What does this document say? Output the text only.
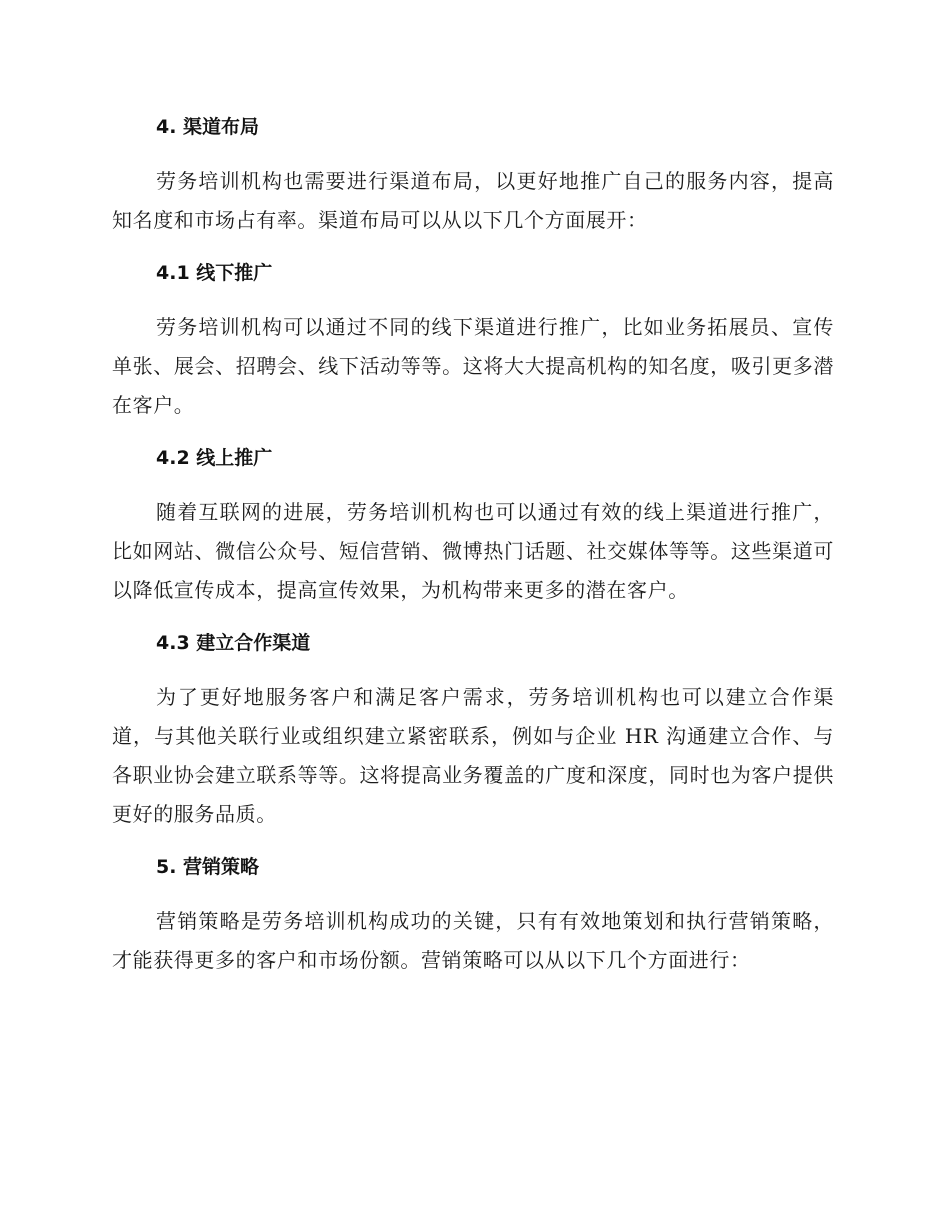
4. 渠道布局

劳务培训机构也需要进行渠道布局，以更好地推广自己的服务内容，提高知名度和市场占有率。渠道布局可以从以下几个方面展开：

4.1 线下推广

劳务培训机构可以通过不同的线下渠道进行推广，比如业务拓展员、宣传单张、展会、招聘会、线下活动等等。这将大大提高机构的知名度，吸引更多潜在客户。

4.2 线上推广

随着互联网的进展，劳务培训机构也可以通过有效的线上渠道进行推广，比如网站、微信公众号、短信营销、微博热门话题、社交媒体等等。这些渠道可以降低宣传成本，提高宣传效果，为机构带来更多的潜在客户。

4.3 建立合作渠道

为了更好地服务客户和满足客户需求，劳务培训机构也可以建立合作渠道，与其他关联行业或组织建立紧密联系，例如与企业 HR 沟通建立合作、与各职业协会建立联系等等。这将提高业务覆盖的广度和深度，同时也为客户提供更好的服务品质。

5. 营销策略

营销策略是劳务培训机构成功的关键，只有有效地策划和执行营销策略，才能获得更多的客户和市场份额。营销策略可以从以下几个方面进行：
